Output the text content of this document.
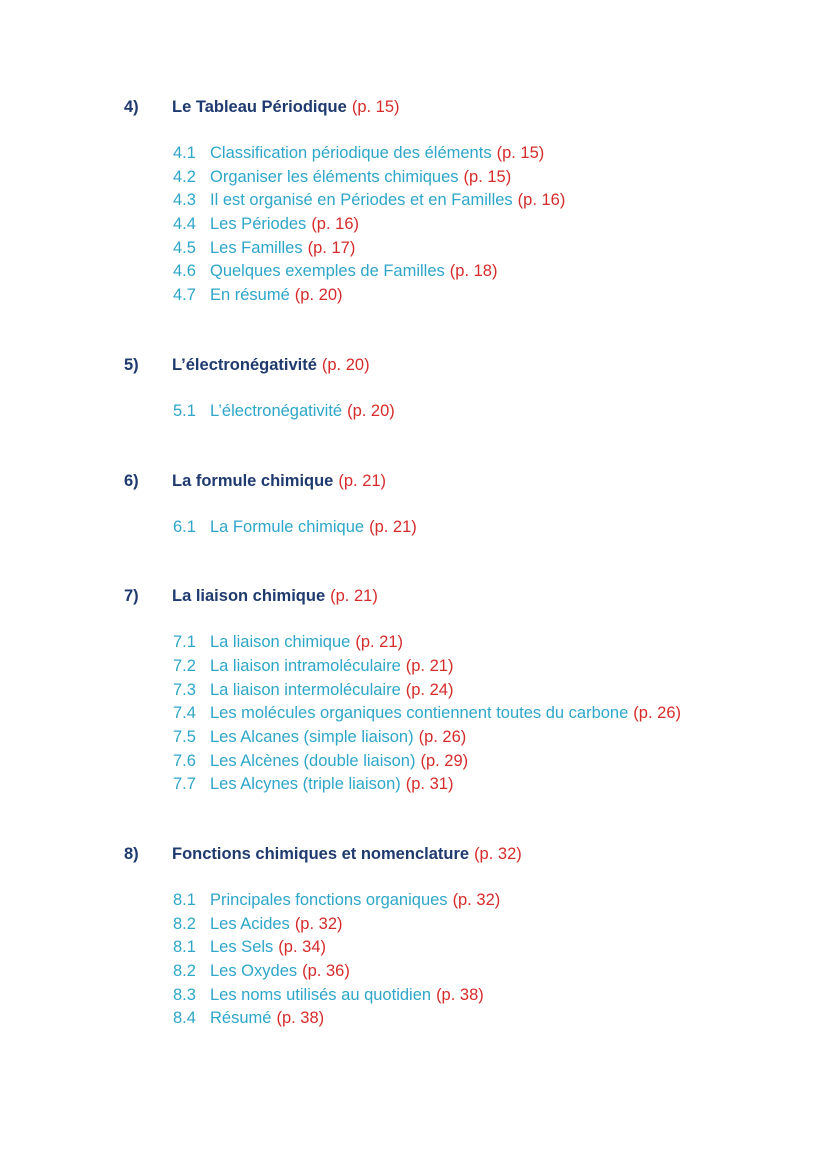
4)	Le Tableau Périodique (p. 15)
4.1 Classification périodique des éléments (p. 15)
4.2 Organiser les éléments chimiques (p. 15)
4.3 Il est organisé en Périodes et en Familles (p. 16)
4.4 Les Périodes (p. 16)
4.5 Les Familles (p. 17)
4.6 Quelques exemples de Familles (p. 18)
4.7 En résumé (p. 20)
5)	L’électronégativité (p. 20)
5.1 L’électronégativité (p. 20)
6)	La formule chimique (p. 21)
6.1 La Formule chimique (p. 21)
7)	La liaison chimique (p. 21)
7.1 La liaison chimique (p. 21)
7.2 La liaison intramoléculaire (p. 21)
7.3 La liaison intermoléculaire (p. 24)
7.4 Les molécules organiques contiennent toutes du carbone (p. 26)
7.5 Les Alcanes (simple liaison) (p. 26)
7.6 Les Alcènes (double liaison) (p. 29)
7.7 Les Alcynes (triple liaison) (p. 31)
8)	Fonctions chimiques et nomenclature (p. 32)
8.1 Principales fonctions organiques (p. 32)
8.2 Les Acides (p. 32)
8.1 Les Sels (p. 34)
8.2 Les Oxydes (p. 36)
8.3 Les noms utilisés au quotidien (p. 38)
8.4 Résumé (p. 38)
